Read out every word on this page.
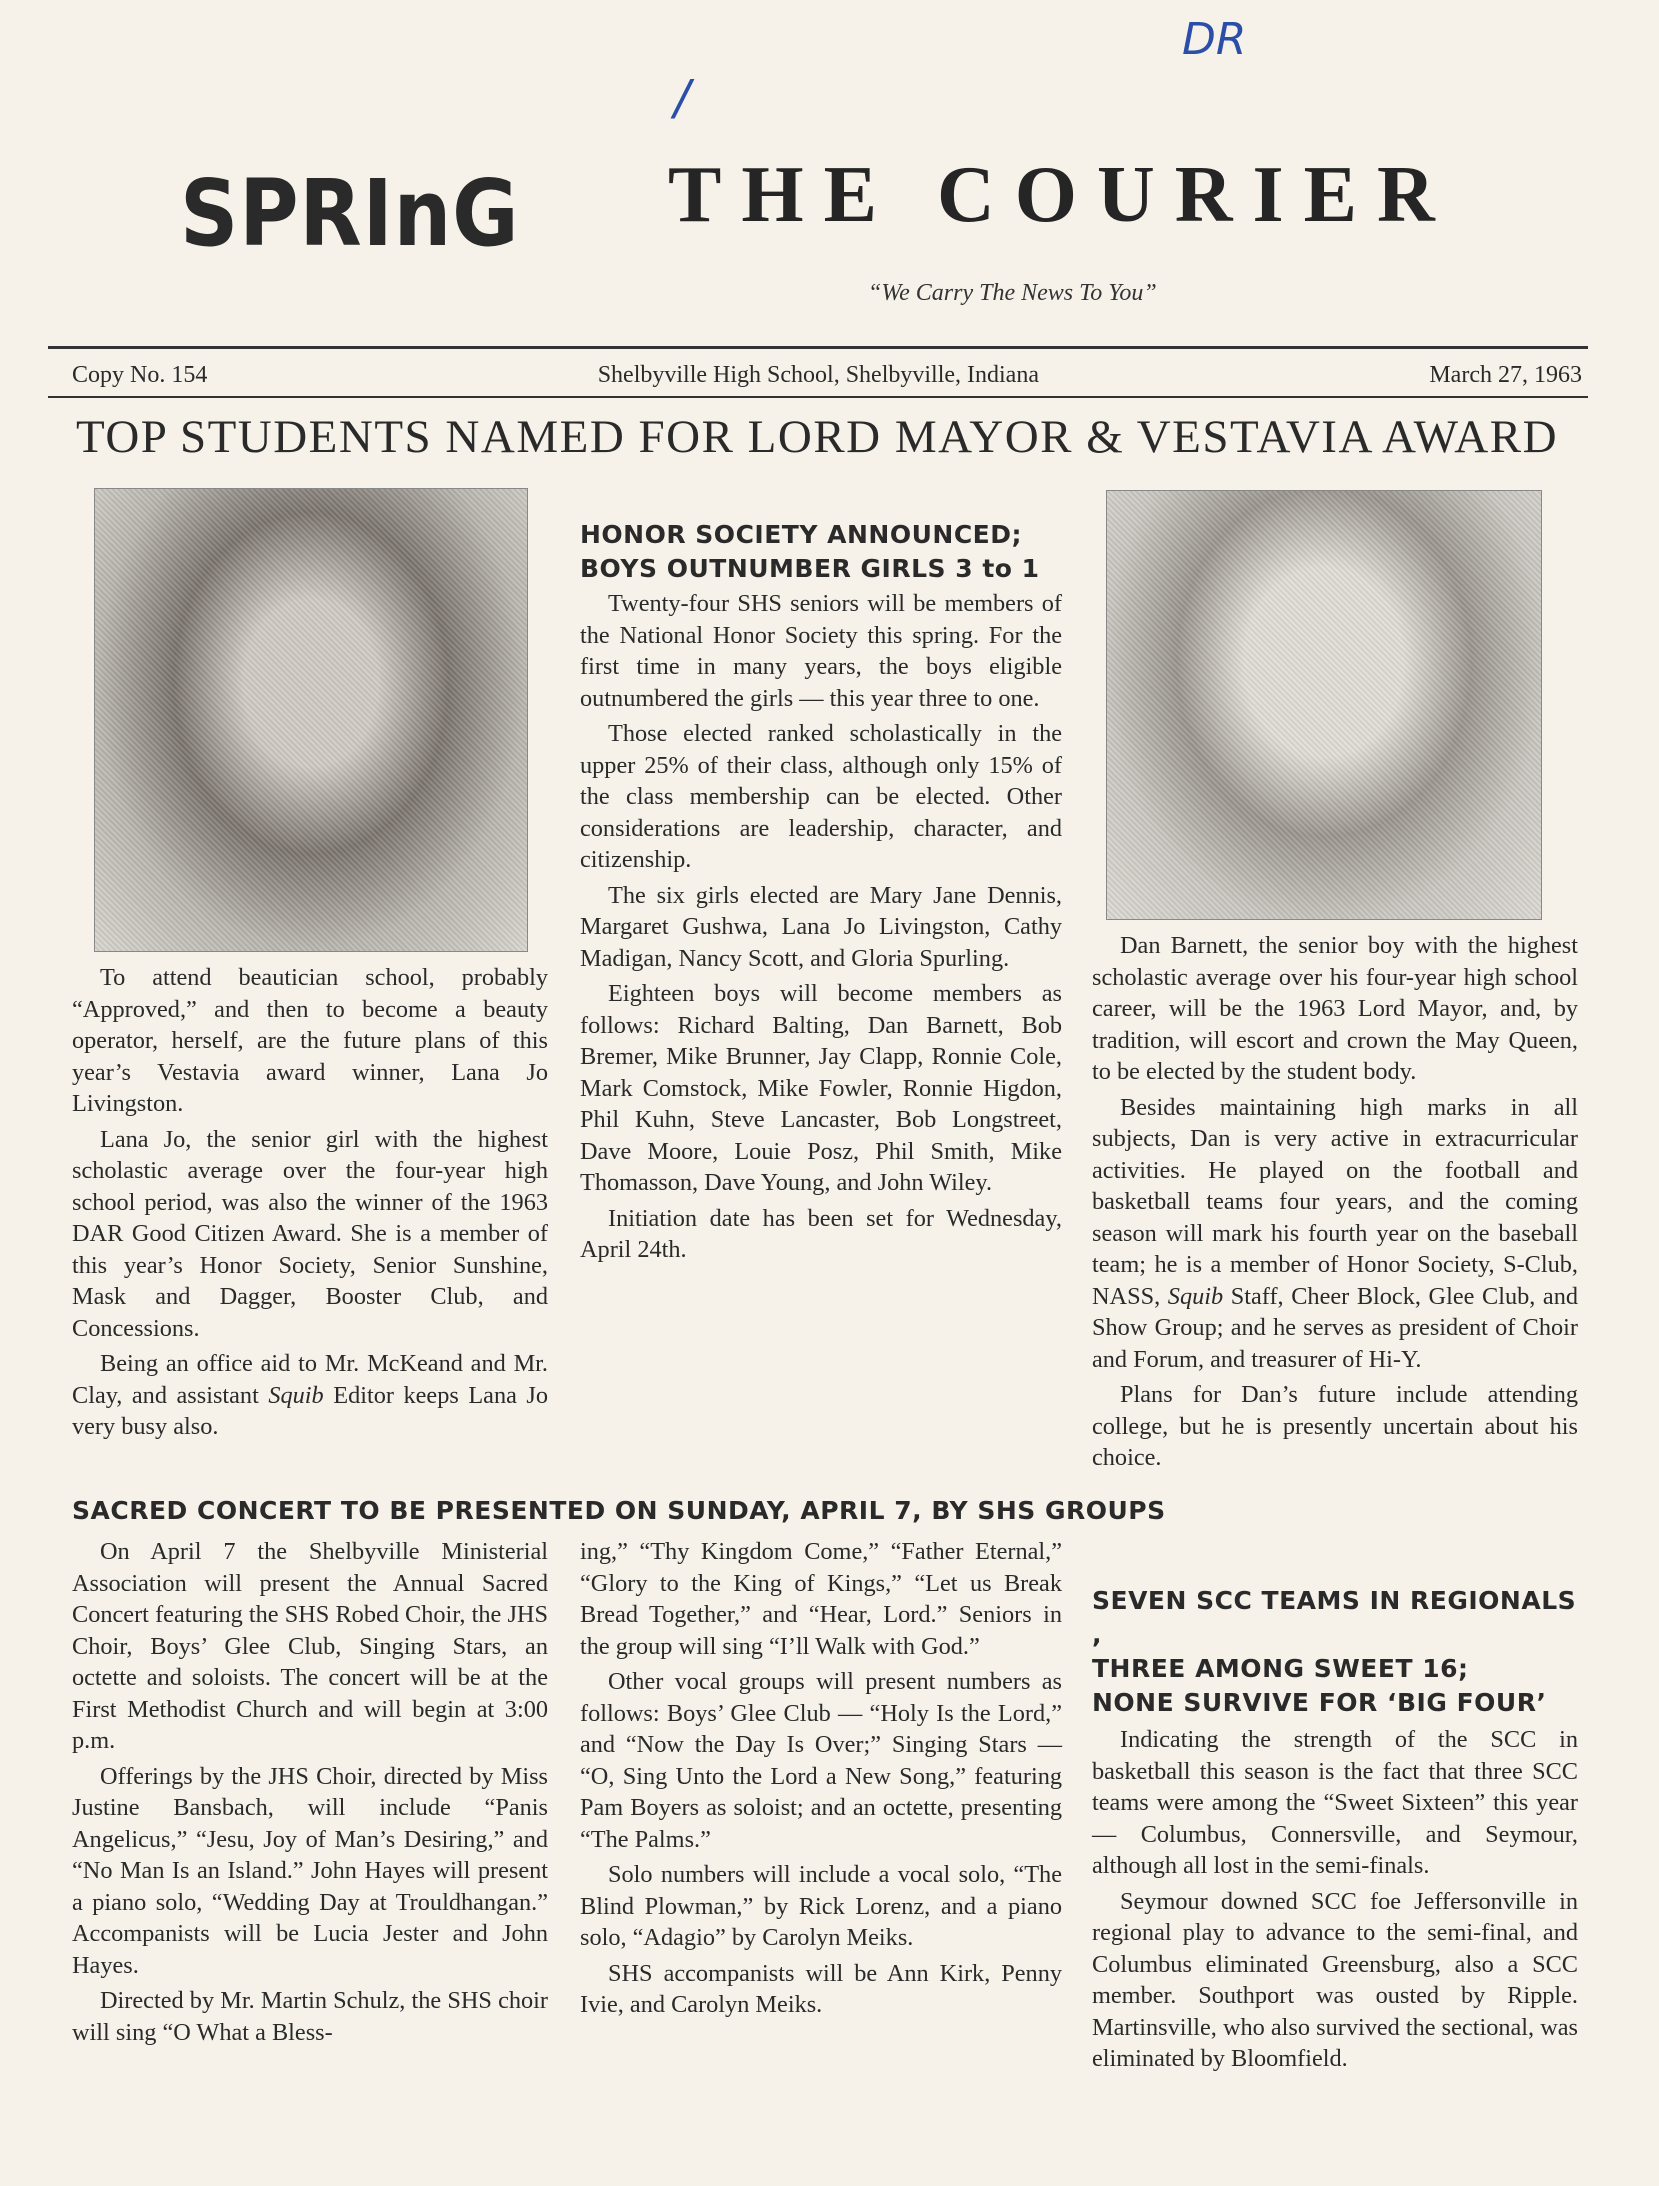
DR
/
SPRInG THE COURIER
“We Carry The News To You”
Copy No. 154	Shelbyville High School, Shelbyville, Indiana	March 27, 1963
TOP STUDENTS NAMED FOR LORD MAYOR & VESTAVIA AWARD

To attend beautician school, probably “Approved,” and then to become a beauty operator, herself, are the future plans of this year’s Vestavia award winner, Lana Jo Livingston.

Lana Jo, the senior girl with the highest scholastic average over the four-year high school period, was also the winner of the 1963 DAR Good Citizen Award. She is a member of this year’s Honor Society, Senior Sunshine, Mask and Dagger, Booster Club, and Concessions.

Being an office aid to Mr. McKeand and Mr. Clay, and assistant Squib Editor keeps Lana Jo very busy also.

HONOR SOCIETY ANNOUNCED;
BOYS OUTNUMBER GIRLS 3 to 1

Twenty-four SHS seniors will be members of the National Honor Society this spring. For the first time in many years, the boys eligible outnumbered the girls — this year three to one.

Those elected ranked scholastically in the upper 25% of their class, although only 15% of the class membership can be elected. Other considerations are leadership, character, and citizenship.

The six girls elected are Mary Jane Dennis, Margaret Gushwa, Lana Jo Livingston, Cathy Madigan, Nancy Scott, and Gloria Spurling.

Eighteen boys will become members as follows: Richard Balting, Dan Barnett, Bob Bremer, Mike Brunner, Jay Clapp, Ronnie Cole, Mark Comstock, Mike Fowler, Ronnie Higdon, Phil Kuhn, Steve Lancaster, Bob Longstreet, Dave Moore, Louie Posz, Phil Smith, Mike Thomasson, Dave Young, and John Wiley.

Initiation date has been set for Wednesday, April 24th.

Dan Barnett, the senior boy with the highest scholastic average over his four-year high school career, will be the 1963 Lord Mayor, and, by tradition, will escort and crown the May Queen, to be elected by the student body.

Besides maintaining high marks in all subjects, Dan is very active in extracurricular activities. He played on the football and basketball teams four years, and the coming season will mark his fourth year on the baseball team; he is a member of Honor Society, S-Club, NASS, Squib Staff, Cheer Block, Glee Club, and Show Group; and he serves as president of Choir and Forum, and treasurer of Hi-Y.

Plans for Dan’s future include attending college, but he is presently uncertain about his choice.

SACRED CONCERT TO BE PRESENTED ON SUNDAY, APRIL 7, BY SHS GROUPS

On April 7 the Shelbyville Ministerial Association will present the Annual Sacred Concert featuring the SHS Robed Choir, the JHS Choir, Boys’ Glee Club, Singing Stars, an octette and soloists. The concert will be at the First Methodist Church and will begin at 3:00 p.m.

Offerings by the JHS Choir, directed by Miss Justine Bansbach, will include “Panis Angelicus,” “Jesu, Joy of Man’s Desiring,” and “No Man Is an Island.” John Hayes will present a piano solo, “Wedding Day at Trouldhangan.” Accompanists will be Lucia Jester and John Hayes.

Directed by Mr. Martin Schulz, the SHS choir will sing “O What a Bless-

ing,” “Thy Kingdom Come,” “Father Eternal,” “Glory to the King of Kings,” “Let us Break Bread Together,” and “Hear, Lord.” Seniors in the group will sing “I’ll Walk with God.”

Other vocal groups will present numbers as follows: Boys’ Glee Club — “Holy Is the Lord,” and “Now the Day Is Over;” Singing Stars — “O, Sing Unto the Lord a New Song,” featuring Pam Boyers as soloist; and an octette, presenting “The Palms.”

Solo numbers will include a vocal solo, “The Blind Plowman,” by Rick Lorenz, and a piano solo, “Adagio” by Carolyn Meiks.

SHS accompanists will be Ann Kirk, Penny Ivie, and Carolyn Meiks.

SEVEN SCC TEAMS IN REGIONALS ,
THREE AMONG SWEET 16;
NONE SURVIVE FOR ‘BIG FOUR’

Indicating the strength of the SCC in basketball this season is the fact that three SCC teams were among the “Sweet Sixteen” this year — Columbus, Connersville, and Seymour, although all lost in the semi-finals.

Seymour downed SCC foe Jeffersonville in regional play to advance to the semi-final, and Columbus eliminated Greensburg, also a SCC member. Southport was ousted by Ripple. Martinsville, who also survived the sectional, was eliminated by Bloomfield.
